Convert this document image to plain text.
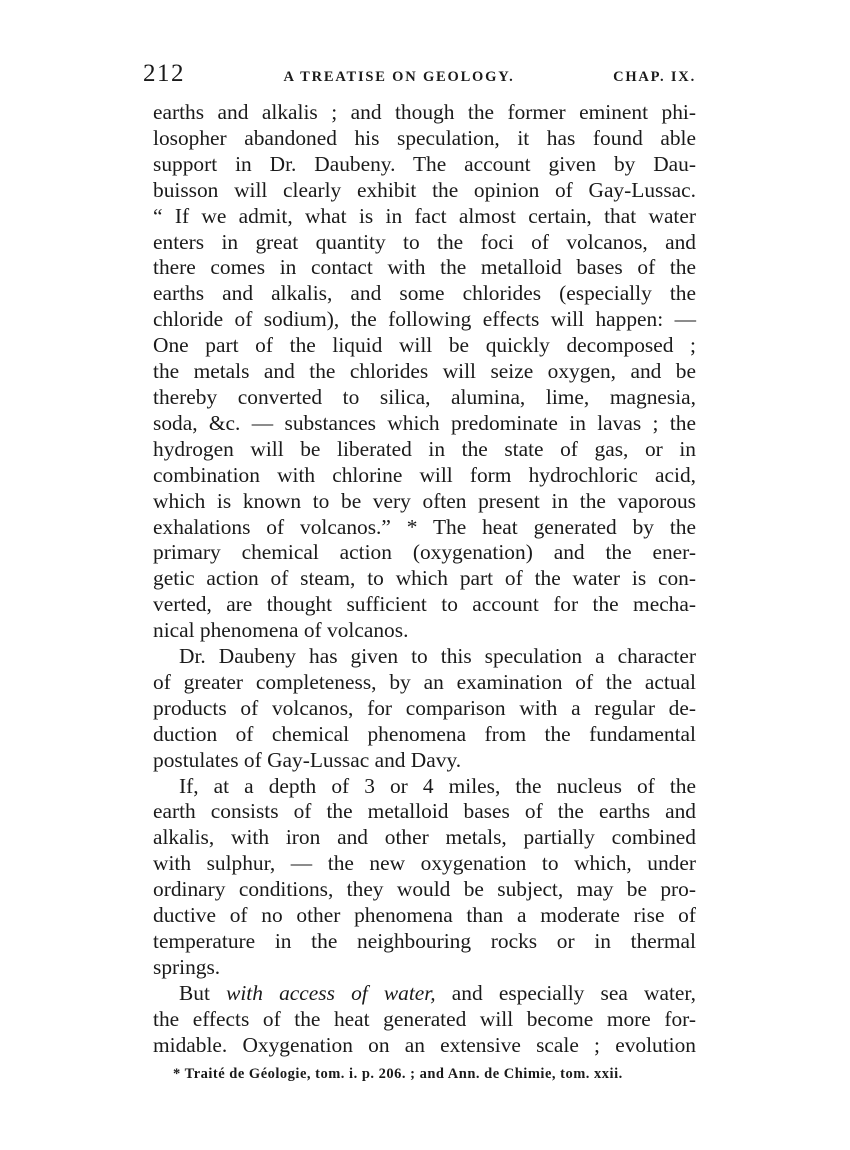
212	A TREATISE ON GEOLOGY.	CHAP. IX.

earths and alkalis ; and though the former eminent phi-
losopher abandoned his speculation, it has found able
support in Dr. Daubeny. The account given by Dau-
buisson will clearly exhibit the opinion of Gay-Lussac.
“ If we admit, what is in fact almost certain, that water
enters in great quantity to the foci of volcanos, and
there comes in contact with the metalloid bases of the
earths and alkalis, and some chlorides (especially the
chloride of sodium), the following effects will happen: —
One part of the liquid will be quickly decomposed ;
the metals and the chlorides will seize oxygen, and be
thereby converted to silica, alumina, lime, magnesia,
soda, &c. — substances which predominate in lavas ; the
hydrogen will be liberated in the state of gas, or in
combination with chlorine will form hydrochloric acid,
which is known to be very often present in the vaporous
exhalations of volcanos.” * The heat generated by the
primary chemical action (oxygenation) and the ener-
getic action of steam, to which part of the water is con-
verted, are thought sufficient to account for the mecha-
nical phenomena of volcanos.

Dr. Daubeny has given to this speculation a character
of greater completeness, by an examination of the actual
products of volcanos, for comparison with a regular de-
duction of chemical phenomena from the fundamental
postulates of Gay-Lussac and Davy.

If, at a depth of 3 or 4 miles, the nucleus of the
earth consists of the metalloid bases of the earths and
alkalis, with iron and other metals, partially combined
with sulphur, — the new oxygenation to which, under
ordinary conditions, they would be subject, may be pro-
ductive of no other phenomena than a moderate rise of
temperature in the neighbouring rocks or in thermal
springs.

But with access of water, and especially sea water,
the effects of the heat generated will become more for-
midable. Oxygenation on an extensive scale ; evolution

* Traité de Géologie, tom. i. p. 206. ; and Ann. de Chimie, tom. xxii.
